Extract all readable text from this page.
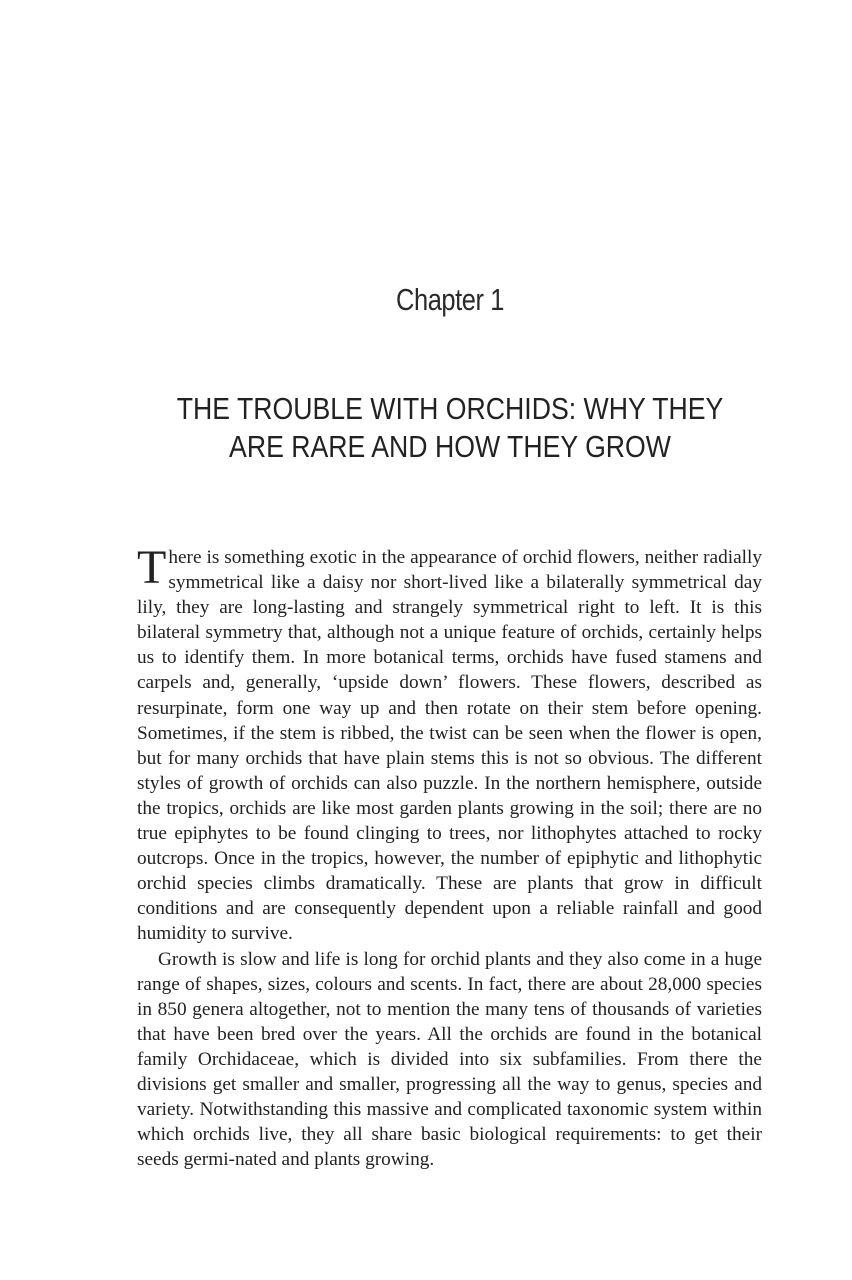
Chapter 1
THE TROUBLE WITH ORCHIDS: WHY THEY
ARE RARE AND HOW THEY GROW

There is something exotic in the appearance of orchid flowers, neither radially symmetrical like a daisy nor short-lived like a bilaterally symmetrical day lily, they are long-lasting and strangely symmetrical right to left. It is this bilateral symmetry that, although not a unique feature of orchids, certainly helps us to identify them. In more botanical terms, orchids have fused stamens and carpels and, generally, ‘upside down’ flowers. These flowers, described as resurpinate, form one way up and then rotate on their stem before opening. Sometimes, if the stem is ribbed, the twist can be seen when the flower is open, but for many orchids that have plain stems this is not so obvious. The different styles of growth of orchids can also puzzle. In the northern hemisphere, outside the tropics, orchids are like most garden plants growing in the soil; there are no true epiphytes to be found clinging to trees, nor lithophytes attached to rocky outcrops. Once in the tropics, however, the number of epiphytic and lithophytic orchid species climbs dramatically. These are plants that grow in difficult conditions and are consequently dependent upon a reliable rainfall and good humidity to survive.

Growth is slow and life is long for orchid plants and they also come in a huge range of shapes, sizes, colours and scents. In fact, there are about 28,000 species in 850 genera altogether, not to mention the many tens of thousands of varieties that have been bred over the years. All the orchids are found in the botanical family Orchidaceae, which is divided into six subfamilies. From there the divisions get smaller and smaller, progressing all the way to genus, species and variety. Notwithstanding this massive and complicated taxonomic system within which orchids live, they all share basic biological requirements: to get their seeds germi-nated and plants growing.
